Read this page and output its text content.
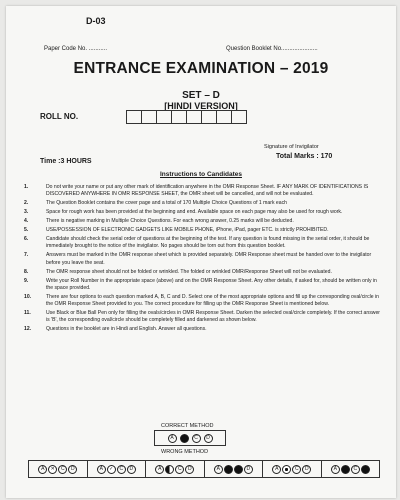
D-03
Paper Code No. ...........	Question Booklet No......................
ENTRANCE EXAMINATION – 2019
SET – D
[HINDI VERSION]
ROLL NO.
Signature of Invigilator
Total Marks : 170
Time :3 HOURS
Instructions to Candidates
1.	Do not write your name or put any other mark of identification anywhere in the OMR Response Sheet. IF ANY MARK OF IDENTIFICATIONS IS DISCOVERED ANYWHERE IN OMR RESPONSE SHEET, the OMR sheet will be cancelled, and will not be evaluated.
2.	The Question Booklet contains the cover page and a total of 170 Multiple Choice Questions of 1 mark each
3.	Space for rough work has been provided at the beginning and end. Available space on each page may also be used for rough work.
4.	There is negative marking in Multiple Choice Questions. For each wrong answer, 0.25 marks will be deducted.
5.	USE/POSSESSION OF ELECTRONIC GADGETS LIKE MOBILE PHONE, iPhone, iPad, pager ETC. is strictly PROHIBITED.
6.	Candidate should check the serial order of questions at the beginning of the test. If any question is found missing in the serial order, it should be immediately brought to the notice of the invigilator. No pages should be torn out from this question booklet.
7.	Answers must be marked in the OMR response sheet which is provided separately. OMR Response sheet must be handed over to the invigilator before you leave the seat.
8.	The OMR response sheet should not be folded or wrinkled. The folded or wrinkled OMR/Response Sheet will not be evaluated.
9.	Write your Roll Number in the appropriate space (above) and on the OMR Response Sheet. Any other details, if asked for, should be written only in the space provided.
10.	There are four options to each question marked A, B, C and D. Select one of the most appropriate options and fill up the corresponding oval/circle in the OMR Response Sheet provided to you. The correct procedure for filling up the OMR Response Sheet is mentioned below.
11.	Use Black or Blue Ball Pen only for filling the ovals/circles in OMR Response Sheet. Darken the selected oval/circle completely. If the correct answer is 'B', the corresponding oval/circle should be completely filled and darkened as shown below.
12.	Questions in the booklet are in Hindi and English. Answer all questions.
CORRECT METHOD
A	C	D
WRONG METHOD
A	✕	C	D	A	✓	C	D	A	C	D	A	D	A	C	D	A	C
